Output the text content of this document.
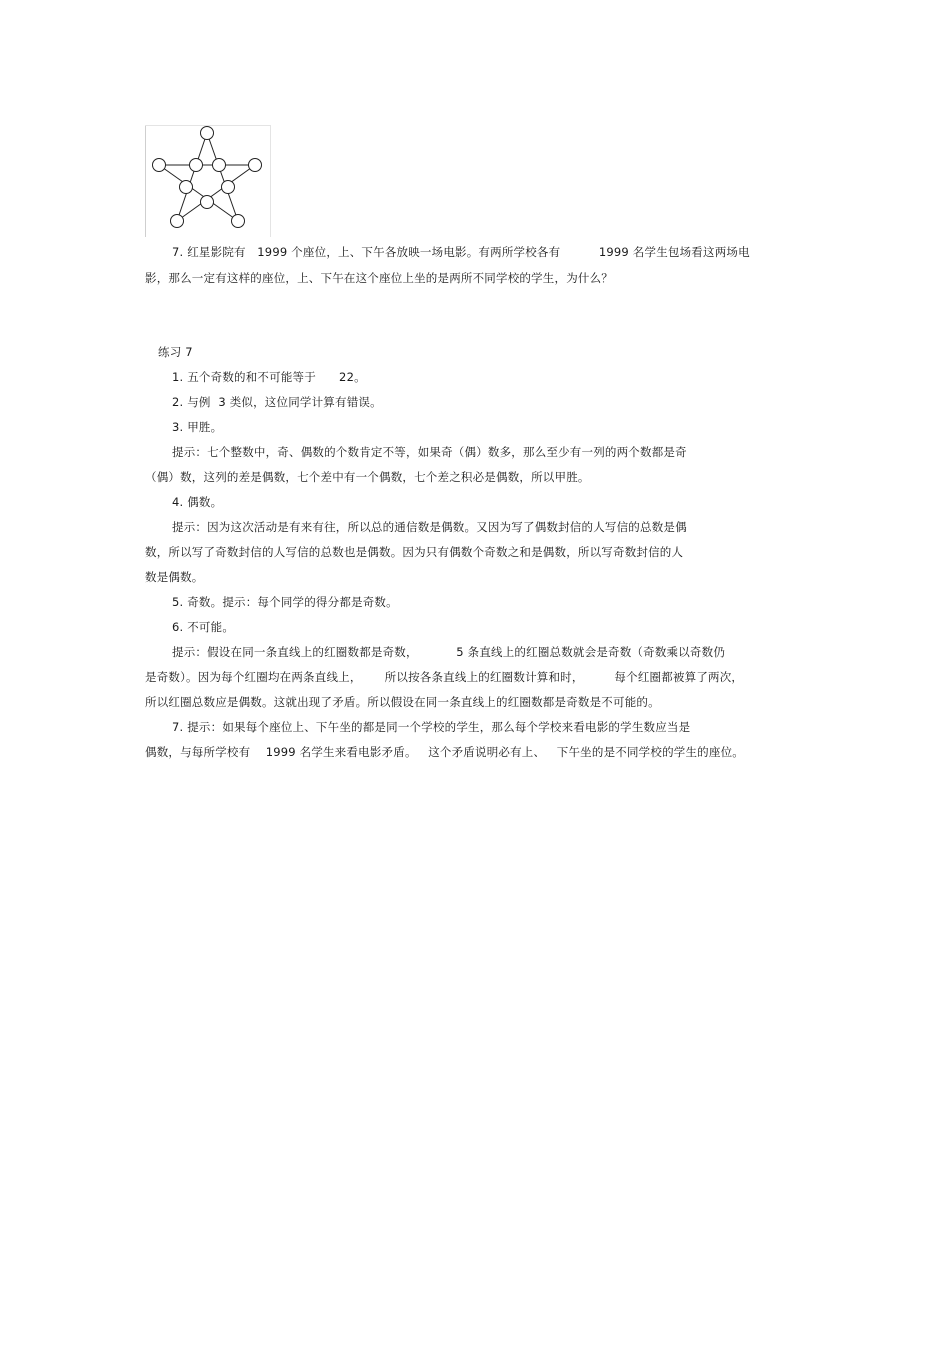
7. 红星影院有   1999 个座位，上、下午各放映一场电影。有两所学校各有          1999 名学生包场看这两场电
影，那么一定有这样的座位，上、下午在这个座位上坐的是两所不同学校的学生，为什么？
练习 7
1. 五个奇数的和不可能等于      22。
2. 与例  3 类似，这位同学计算有错误。
3. 甲胜。
提示：七个整数中，奇、偶数的个数肯定不等，如果奇（偶）数多，那么至少有一列的两个数都是奇
（偶）数，这列的差是偶数，七个差中有一个偶数，七个差之积必是偶数，所以甲胜。
4. 偶数。
提示：因为这次活动是有来有往，所以总的通信数是偶数。又因为写了偶数封信的人写信的总数是偶
数，所以写了奇数封信的人写信的总数也是偶数。因为只有偶数个奇数之和是偶数，所以写奇数封信的人
数是偶数。
5. 奇数。提示：每个同学的得分都是奇数。
6. 不可能。
提示：假设在同一条直线上的红圈数都是奇数，          5 条直线上的红圈总数就会是奇数（奇数乘以奇数仍
是奇数）。因为每个红圈均在两条直线上，      所以按各条直线上的红圈数计算和时，        每个红圈都被算了两次，
所以红圈总数应是偶数。这就出现了矛盾。所以假设在同一条直线上的红圈数都是奇数是不可能的。
7. 提示：如果每个座位上、下午坐的都是同一个学校的学生，那么每个学校来看电影的学生数应当是
偶数，与每所学校有    1999 名学生来看电影矛盾。   这个矛盾说明必有上、   下午坐的是不同学校的学生的座位。
